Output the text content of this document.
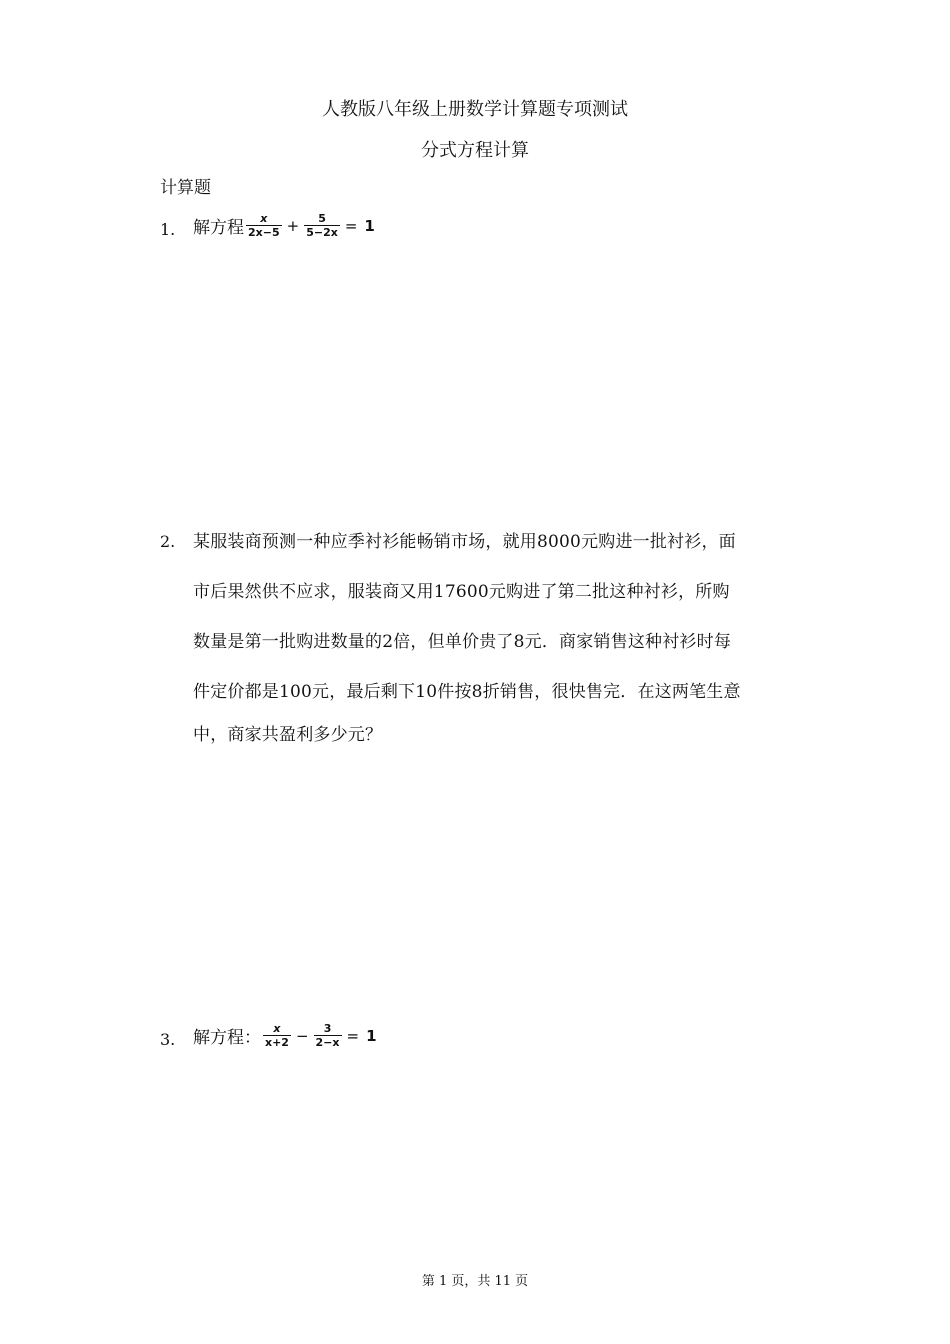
人教版八年级上册数学计算题专项测试
分式方程计算
计算题
1. 解方程 $\frac{x}{2x-5} + \frac{5}{5-2x} = 1$
2. 某服装商预测一种应季衬衫能畅销市场，就用8000元购进一批衬衫，面
市后果然供不应求，服装商又用17600元购进了第二批这种衬衫，所购
数量是第一批购进数量的2倍，但单价贵了8元．商家销售这种衬衫时每
件定价都是100元，最后剩下10件按8折销售，很快售完．在这两笔生意
中，商家共盈利多少元？
3. 解方程： $\frac{x}{x+2} - \frac{3}{2-x} = 1$
第 1 页，共 11 页
